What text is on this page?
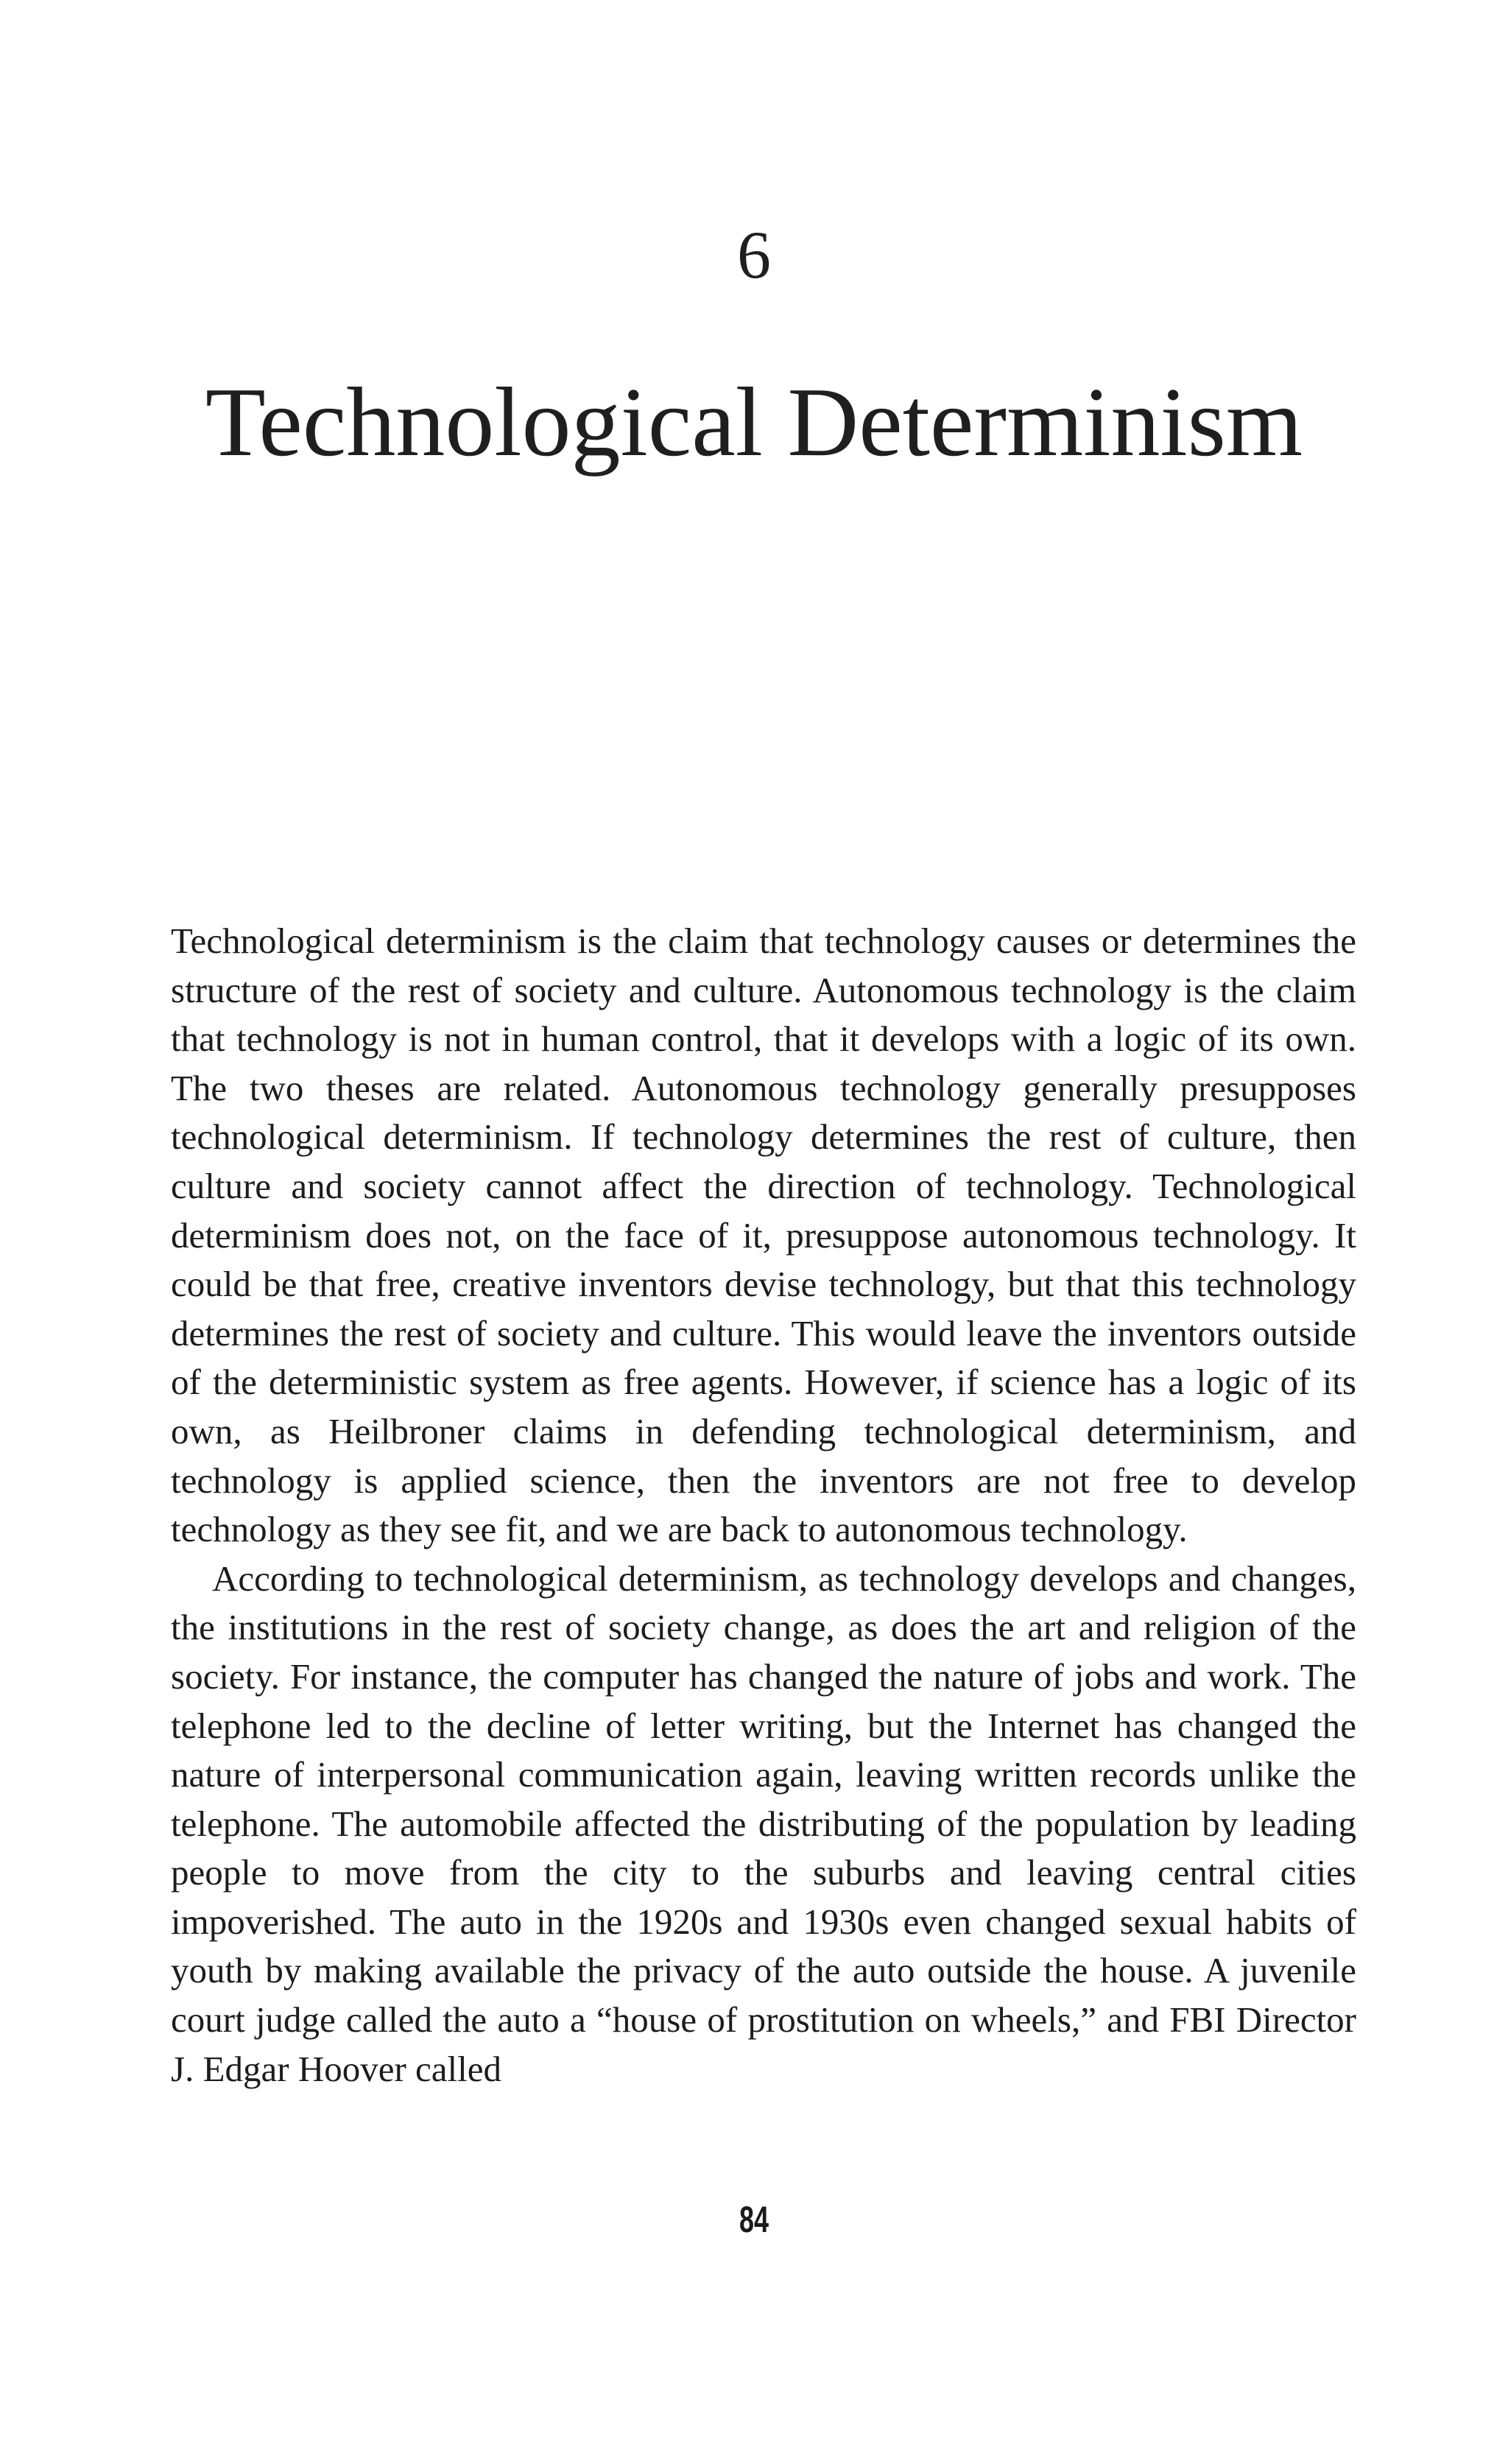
6
Technological Determinism

Technological determinism is the claim that technology causes or determines the structure of the rest of society and culture. Autonomous technology is the claim that technology is not in human control, that it develops with a logic of its own. The two theses are related. Autonomous technology generally presupposes technological determinism. If technology determines the rest of culture, then culture and society cannot affect the direction of technology. Technological determinism does not, on the face of it, presuppose autonomous technology. It could be that free, creative inventors devise technology, but that this technology determines the rest of society and culture. This would leave the inventors outside of the deterministic system as free agents. However, if science has a logic of its own, as Heilbroner claims in defending technological determinism, and technology is applied science, then the inventors are not free to develop technology as they see fit, and we are back to autonomous technology.

According to technological determinism, as technology develops and changes, the institutions in the rest of society change, as does the art and religion of the society. For instance, the computer has changed the nature of jobs and work. The telephone led to the decline of letter writing, but the Internet has changed the nature of interpersonal communication again, leaving written records unlike the telephone. The automobile affected the distributing of the population by leading people to move from the city to the suburbs and leaving central cities impoverished. The auto in the 1920s and 1930s even changed sexual habits of youth by making available the privacy of the auto outside the house. A juvenile court judge called the auto a “house of prostitution on wheels,” and FBI Director J. Edgar Hoover called

84
